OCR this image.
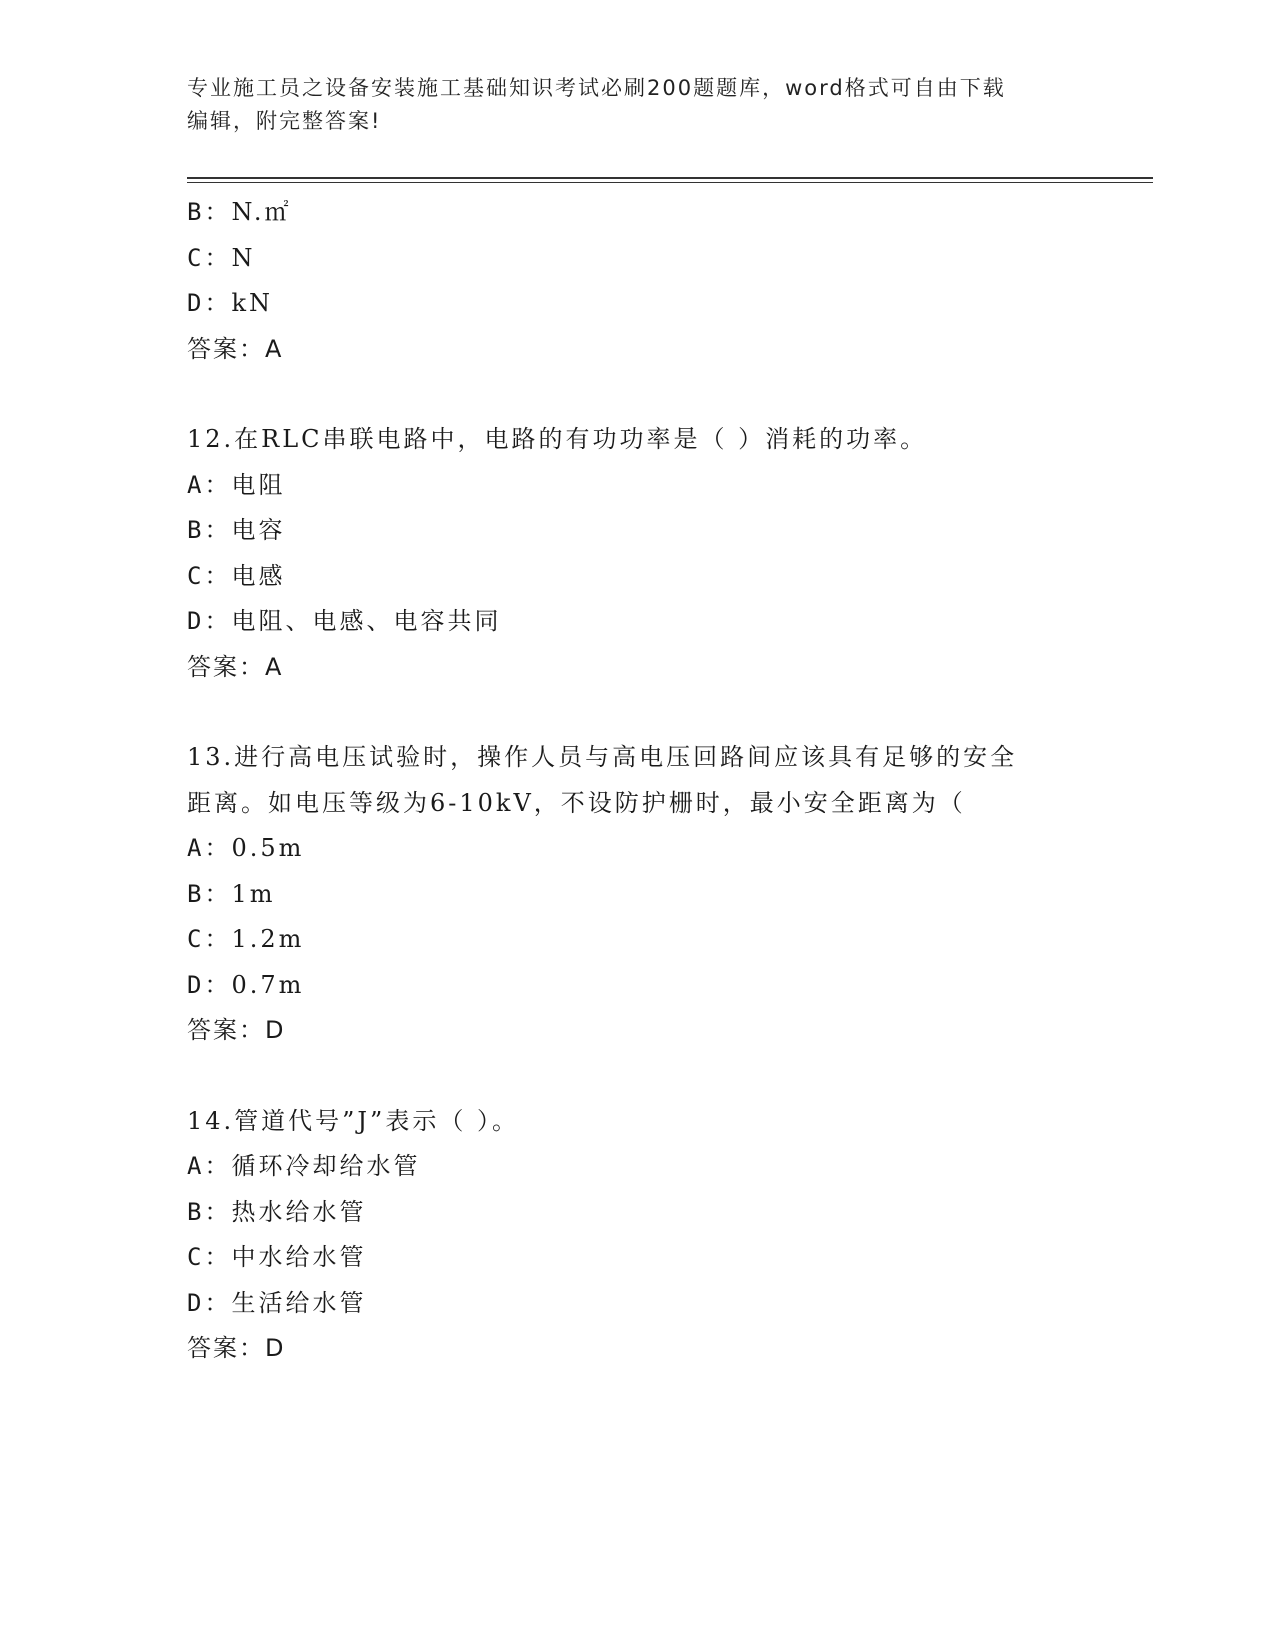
专业施工员之设备安装施工基础知识考试必刷200题题库，word格式可自由下载
编辑，附完整答案!
B：N.㎡
C：N
D：kN
答案：A
12.在RLC串联电路中，电路的有功功率是（ ）消耗的功率。
A：电阻
B：电容
C：电感
D：电阻、电感、电容共同
答案：A
13.进行高电压试验时，操作人员与高电压回路间应该具有足够的安全
距离。如电压等级为6-10kV，不设防护栅时，最小安全距离为（
A：0.5m
B：1m
C：1.2m
D：0.7m
答案：D
14.管道代号”J”表示（ ）。
A：循环冷却给水管
B：热水给水管
C：中水给水管
D：生活给水管
答案：D
